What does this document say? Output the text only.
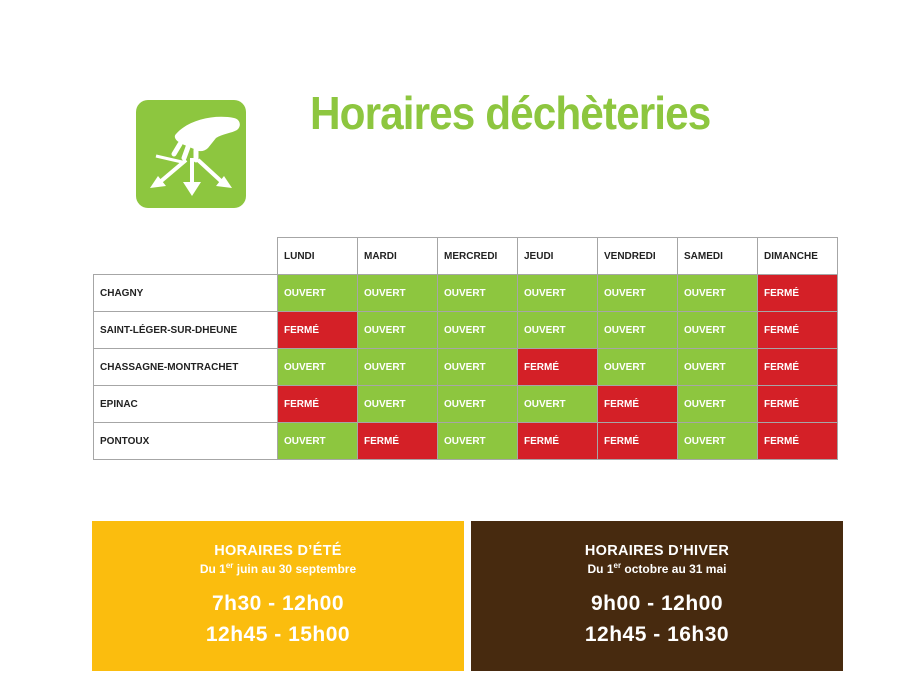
Horaires déchèteries
	LUNDI	MARDI	MERCREDI	JEUDI	VENDREDI	SAMEDI	DIMANCHE
CHAGNY	OUVERT	OUVERT	OUVERT	OUVERT	OUVERT	OUVERT	FERMÉ
SAINT-LÉGER-SUR-DHEUNE	FERMÉ	OUVERT	OUVERT	OUVERT	OUVERT	OUVERT	FERMÉ
CHASSAGNE-MONTRACHET	OUVERT	OUVERT	OUVERT	FERMÉ	OUVERT	OUVERT	FERMÉ
EPINAC	FERMÉ	OUVERT	OUVERT	OUVERT	FERMÉ	OUVERT	FERMÉ
PONTOUX	OUVERT	FERMÉ	OUVERT	FERMÉ	FERMÉ	OUVERT	FERMÉ
HORAIRES D’ÉTÉ
Du 1er juin au 30 septembre
7h30 - 12h00
12h45 - 15h00
HORAIRES D’HIVER
Du 1er octobre au 31 mai
9h00 - 12h00
12h45 - 16h30
